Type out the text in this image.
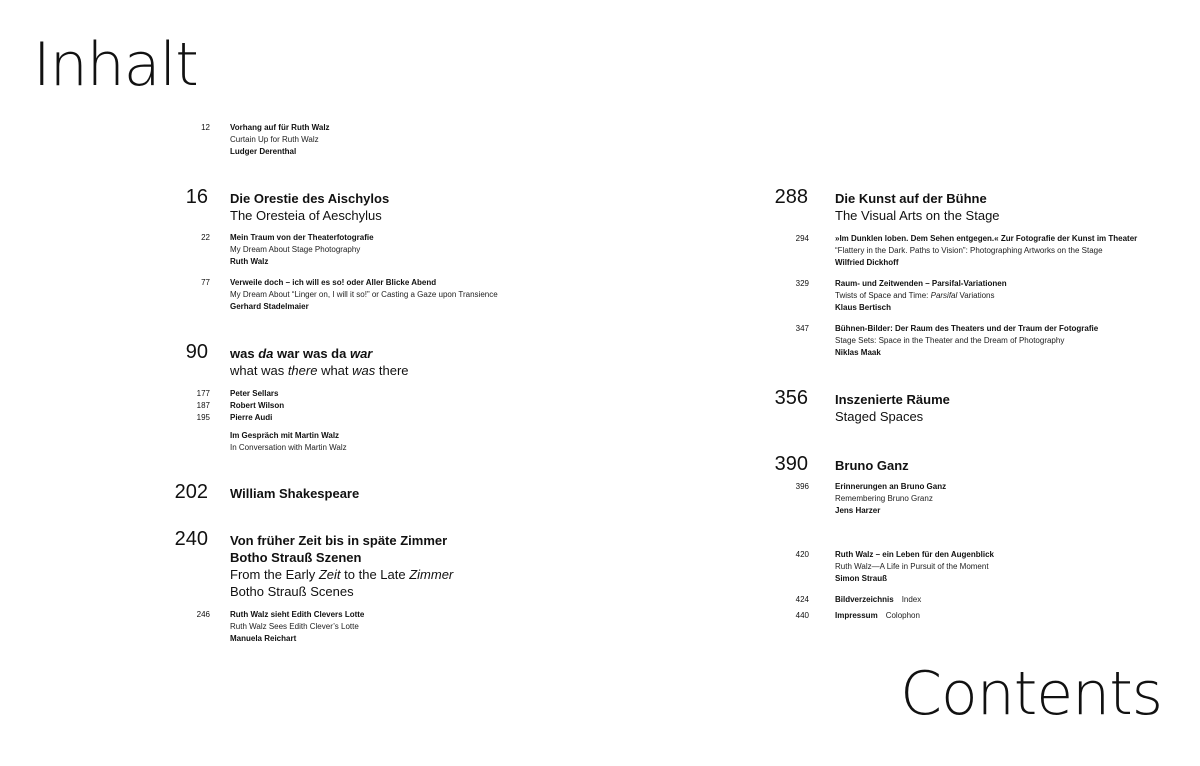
Inhalt
Contents
12	Vorhang auf für Ruth Walz
Curtain Up for Ruth Walz
Ludger Derenthal
16 Die Orestie des Aischylos
The Oresteia of Aeschylus
22	Mein Traum von der Theaterfotografie
My Dream About Stage Photography
Ruth Walz
77	Verweile doch – ich will es so! oder Aller Blicke Abend
My Dream About “Linger on, I will it so!” or Casting a Gaze upon Transience
Gerhard Stadelmaier
90 was da war was da war
what was there what was there
177	Peter Sellars
187	Robert Wilson
195	Pierre Audi
Im Gespräch mit Martin Walz
In Conversation with Martin Walz
202 William Shakespeare
240 Von früher Zeit bis in späte Zimmer
Botho Strauß Szenen
From the Early Zeit to the Late Zimmer
Botho Strauß Scenes
246	Ruth Walz sieht Edith Clevers Lotte
Ruth Walz Sees Edith Clever’s Lotte
Manuela Reichart
288 Die Kunst auf der Bühne
The Visual Arts on the Stage
294	»Im Dunklen loben. Dem Sehen entgegen.« Zur Fotografie der Kunst im Theater
“Flattery in the Dark. Paths to Vision”: Photographing Artworks on the Stage
Wilfried Dickhoff
329	Raum- und Zeitwenden – Parsifal-Variationen
Twists of Space and Time: Parsifal Variations
Klaus Bertisch
347	Bühnen-Bilder: Der Raum des Theaters und der Traum der Fotografie
Stage Sets: Space in the Theater and the Dream of Photography
Niklas Maak
356 Inszenierte Räume
Staged Spaces
390 Bruno Ganz
396	Erinnerungen an Bruno Ganz
Remembering Bruno Granz
Jens Harzer
420	Ruth Walz – ein Leben für den Augenblick
Ruth Walz—A Life in Pursuit of the Moment
Simon Strauß
424	Bildverzeichnis Index
440	Impressum Colophon
